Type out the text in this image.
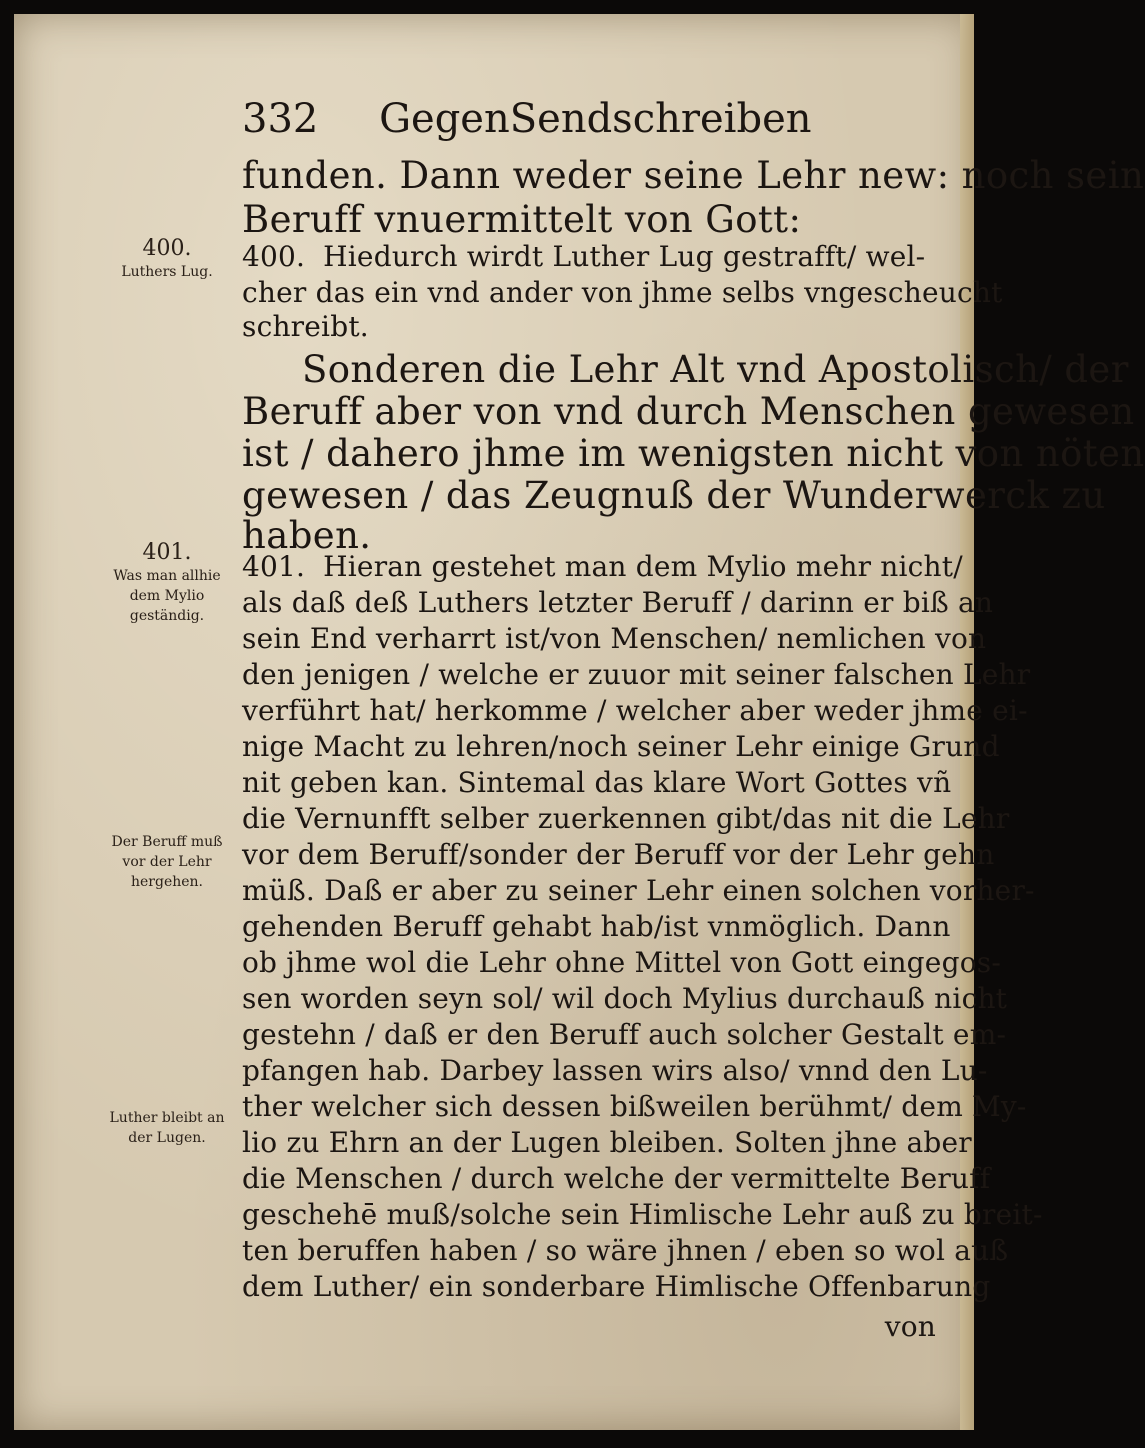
332 GegenSendschreiben
400.
Luthers Lug.
401.
Was man allhie dem Mylio geständig.
Der Beruff muß vor der Lehr hergehen.
Luther bleibt an der Lugen.
funden. Dann weder seine Lehr new: noch sein
Beruff vnuermittelt von Gott:
400. Hiedurch wirdt Luther Lug gestrafft/ wel-
cher das ein vnd ander von jhme selbs vngescheucht
schreibt.
Sonderen die Lehr Alt vnd Apostolisch/ der
Beruff aber von vnd durch Menschen gewesen
ist / dahero jhme im wenigsten nicht von nöten
gewesen / das Zeugnuß der Wunderwerck zu
haben.
401. Hieran gestehet man dem Mylio mehr nicht/
als daß deß Luthers letzter Beruff / darinn er biß an
sein End verharrt ist/von Menschen/ nemlichen von
den jenigen / welche er zuuor mit seiner falschen Lehr
verführt hat/ herkomme / welcher aber weder jhme ei-
nige Macht zu lehren/noch seiner Lehr einige Grund
nit geben kan. Sintemal das klare Wort Gottes vñ
die Vernunfft selber zuerkennen gibt/das nit die Lehr
vor dem Beruff/sonder der Beruff vor der Lehr gehn
müß. Daß er aber zu seiner Lehr einen solchen vorher-
gehenden Beruff gehabt hab/ist vnmöglich. Dann
ob jhme wol die Lehr ohne Mittel von Gott eingegos-
sen worden seyn sol/ wil doch Mylius durchauß nicht
gestehn / daß er den Beruff auch solcher Gestalt em-
pfangen hab. Darbey lassen wirs also/ vnnd den Lu-
ther welcher sich dessen bißweilen berühmt/ dem My-
lio zu Ehrn an der Lugen bleiben. Solten jhne aber
die Menschen / durch welche der vermittelte Beruff
geschehē muß/solche sein Himlische Lehr auß zu breit-
ten beruffen haben / so wäre jhnen / eben so wol auß
dem Luther/ ein sonderbare Himlische Offenbarung
von
